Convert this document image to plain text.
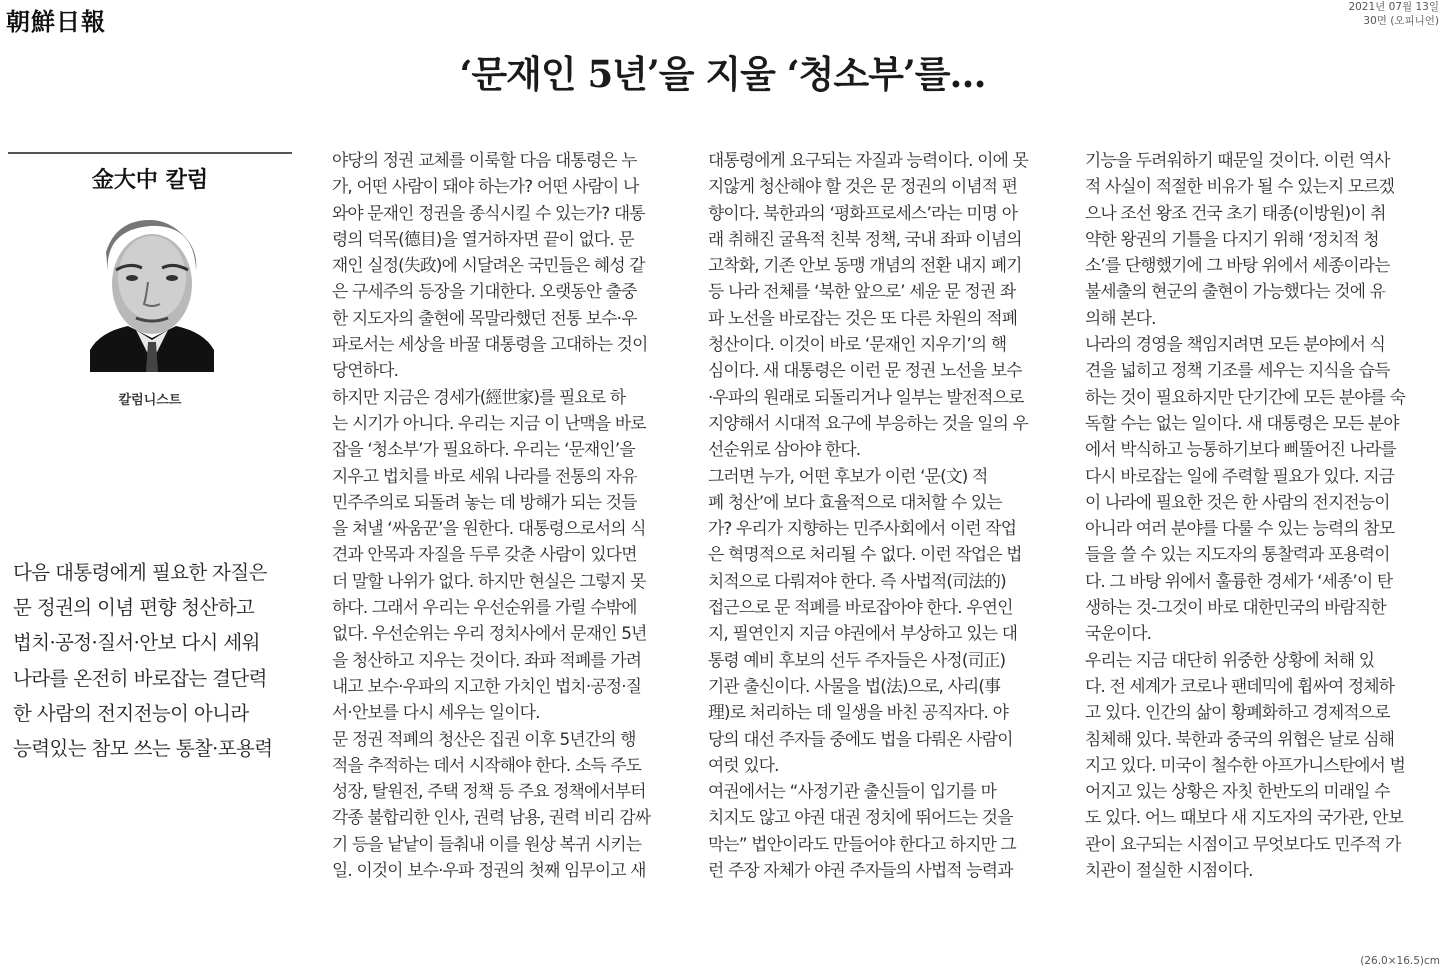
朝鮮日報	2021년 07월 13일
30면 (오피니언)
‘문재인 5년’을 지울 ‘청소부’를…
金大中 칼럼
칼럼니스트

다음 대통령에게 필요한 자질은

문 정권의 이념 편향 청산하고

법치·공정·질서·안보 다시 세워

나라를 온전히 바로잡는 결단력

한 사람의 전지전능이 아니라

능력있는 참모 쓰는 통찰·포용력

야당의 정권 교체를 이룩할 다음 대통령은 누

가, 어떤 사람이 돼야 하는가? 어떤 사람이 나

와야 문재인 정권을 종식시킬 수 있는가? 대통

령의 덕목(德目)을 열거하자면 끝이 없다. 문

재인 실정(失政)에 시달려온 국민들은 혜성 같

은 구세주의 등장을 기대한다. 오랫동안 출중

한 지도자의 출현에 목말라했던 전통 보수·우

파로서는 세상을 바꿀 대통령을 고대하는 것이

당연하다.

하지만 지금은 경세가(經世家)를 필요로 하

는 시기가 아니다. 우리는 지금 이 난맥을 바로

잡을 ‘청소부’가 필요하다. 우리는 ‘문재인’을

지우고 법치를 바로 세워 나라를 전통의 자유

민주주의로 되돌려 놓는 데 방해가 되는 것들

을 쳐낼 ‘싸움꾼’을 원한다. 대통령으로서의 식

견과 안목과 자질을 두루 갖춘 사람이 있다면

더 말할 나위가 없다. 하지만 현실은 그렇지 못

하다. 그래서 우리는 우선순위를 가릴 수밖에

없다. 우선순위는 우리 정치사에서 문재인 5년

을 청산하고 지우는 것이다. 좌파 적폐를 가려

내고 보수·우파의 지고한 가치인 법치·공정·질

서·안보를 다시 세우는 일이다.

문 정권 적폐의 청산은 집권 이후 5년간의 행

적을 추적하는 데서 시작해야 한다. 소득 주도

성장, 탈원전, 주택 정책 등 주요 정책에서부터

각종 불합리한 인사, 권력 남용, 권력 비리 감싸

기 등을 낱낱이 들춰내 이를 원상 복귀 시키는

일. 이것이 보수·우파 정권의 첫째 임무이고 새

대통령에게 요구되는 자질과 능력이다. 이에 못

지않게 청산해야 할 것은 문 정권의 이념적 편

향이다. 북한과의 ‘평화프로세스’라는 미명 아

래 취해진 굴욕적 친북 정책, 국내 좌파 이념의

고착화, 기존 안보 동맹 개념의 전환 내지 폐기

등 나라 전체를 ‘북한 앞으로’ 세운 문 정권 좌

파 노선을 바로잡는 것은 또 다른 차원의 적폐

청산이다. 이것이 바로 ‘문재인 지우기’의 핵

심이다. 새 대통령은 이런 문 정권 노선을 보수

·우파의 원래로 되돌리거나 일부는 발전적으로

지양해서 시대적 요구에 부응하는 것을 일의 우

선순위로 삼아야 한다.

그러면 누가, 어떤 후보가 이런 ‘문(文) 적

폐 청산’에 보다 효율적으로 대처할 수 있는

가? 우리가 지향하는 민주사회에서 이런 작업

은 혁명적으로 처리될 수 없다. 이런 작업은 법

치적으로 다뤄져야 한다. 즉 사법적(司法的)

접근으로 문 적폐를 바로잡아야 한다. 우연인

지, 필연인지 지금 야권에서 부상하고 있는 대

통령 예비 후보의 선두 주자들은 사정(司正)

기관 출신이다. 사물을 법(法)으로, 사리(事

理)로 처리하는 데 일생을 바친 공직자다. 야

당의 대선 주자들 중에도 법을 다뤄온 사람이

여럿 있다.

여권에서는 “사정기관 출신들이 입기를 마

치지도 않고 야권 대권 정치에 뛰어드는 것을

막는” 법안이라도 만들어야 한다고 하지만 그

런 주장 자체가 야권 주자들의 사법적 능력과

기능을 두려워하기 때문일 것이다. 이런 역사

적 사실이 적절한 비유가 될 수 있는지 모르겠

으나 조선 왕조 건국 초기 태종(이방원)이 취

약한 왕권의 기틀을 다지기 위해 ‘정치적 청

소’를 단행했기에 그 바탕 위에서 세종이라는

불세출의 현군의 출현이 가능했다는 것에 유

의해 본다.

나라의 경영을 책임지려면 모든 분야에서 식

견을 넓히고 정책 기조를 세우는 지식을 습득

하는 것이 필요하지만 단기간에 모든 분야를 숙

독할 수는 없는 일이다. 새 대통령은 모든 분야

에서 박식하고 능통하기보다 삐뚤어진 나라를

다시 바로잡는 일에 주력할 필요가 있다. 지금

이 나라에 필요한 것은 한 사람의 전지전능이

아니라 여러 분야를 다룰 수 있는 능력의 참모

들을 쓸 수 있는 지도자의 통찰력과 포용력이

다. 그 바탕 위에서 훌륭한 경세가 ‘세종’이 탄

생하는 것-그것이 바로 대한민국의 바람직한

국운이다.

우리는 지금 대단히 위중한 상황에 처해 있

다. 전 세계가 코로나 팬데믹에 휩싸여 정체하

고 있다. 인간의 삶이 황폐화하고 경제적으로

침체해 있다. 북한과 중국의 위협은 날로 심해

지고 있다. 미국이 철수한 아프가니스탄에서 벌

어지고 있는 상황은 자칫 한반도의 미래일 수

도 있다. 어느 때보다 새 지도자의 국가관, 안보

관이 요구되는 시점이고 무엇보다도 민주적 가

치관이 절실한 시점이다.

(26.0×16.5)cm
